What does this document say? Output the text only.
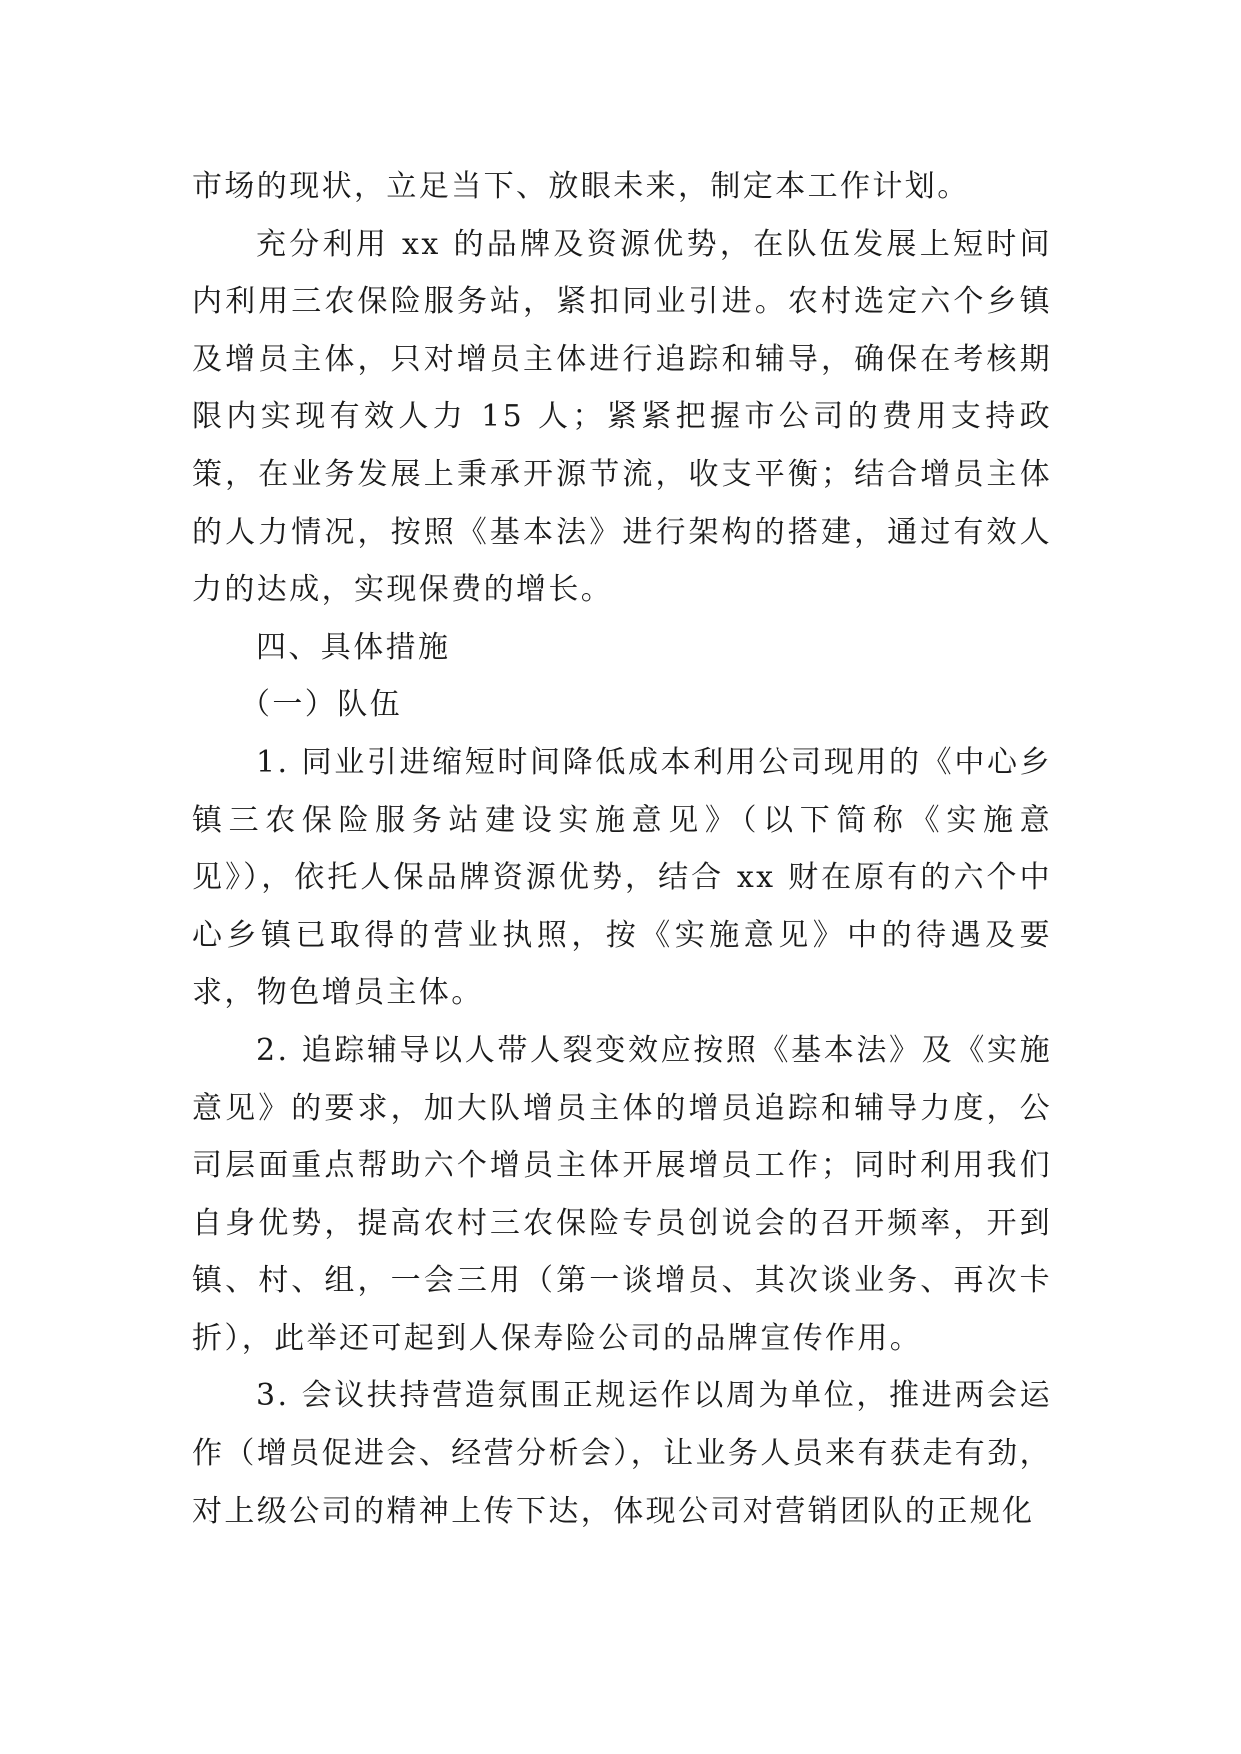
市场的现状，立足当下、放眼未来，制定本工作计划。

充分利用 xx 的品牌及资源优势，在队伍发展上短时间内利用三农保险服务站，紧扣同业引进。农村选定六个乡镇及增员主体，只对增员主体进行追踪和辅导，确保在考核期限内实现有效人力 15 人；紧紧把握市公司的费用支持政策，在业务发展上秉承开源节流，收支平衡；结合增员主体的人力情况，按照《基本法》进行架构的搭建，通过有效人力的达成，实现保费的增长。

四、具体措施

（一）队伍

1. 同业引进缩短时间降低成本利用公司现用的《中心乡镇三农保险服务站建设实施意见》（以下简称《实施意见》），依托人保品牌资源优势，结合 xx 财在原有的六个中心乡镇已取得的营业执照，按《实施意见》中的待遇及要求，物色增员主体。

2. 追踪辅导以人带人裂变效应按照《基本法》及《实施意见》的要求，加大队增员主体的增员追踪和辅导力度，公司层面重点帮助六个增员主体开展增员工作；同时利用我们自身优势，提高农村三农保险专员创说会的召开频率，开到镇、村、组，一会三用（第一谈增员、其次谈业务、再次卡折），此举还可起到人保寿险公司的品牌宣传作用。

3. 会议扶持营造氛围正规运作以周为单位，推进两会运作（增员促进会、经营分析会），让业务人员来有获走有劲，对上级公司的精神上传下达，体现公司对营销团队的正规化
